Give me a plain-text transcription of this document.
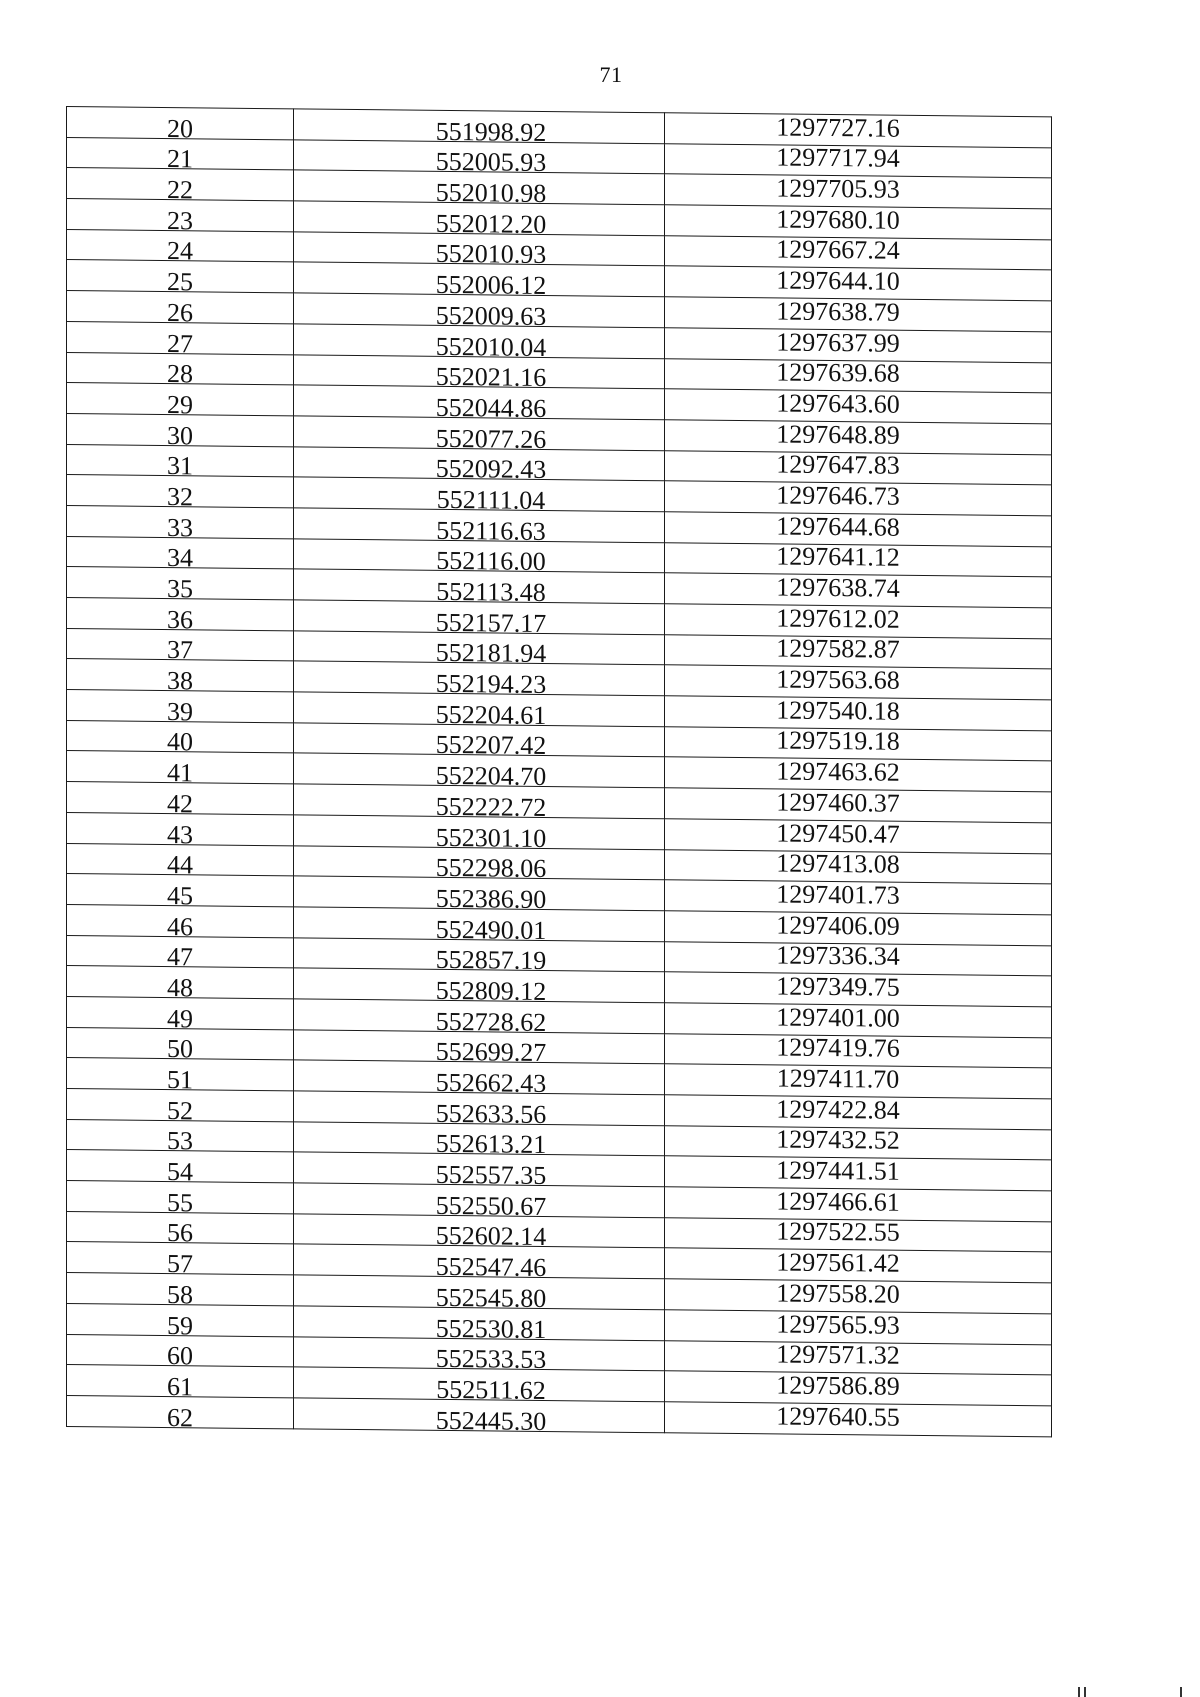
71
20	551998.92	1297727.16
21	552005.93	1297717.94
22	552010.98	1297705.93
23	552012.20	1297680.10
24	552010.93	1297667.24
25	552006.12	1297644.10
26	552009.63	1297638.79
27	552010.04	1297637.99
28	552021.16	1297639.68
29	552044.86	1297643.60
30	552077.26	1297648.89
31	552092.43	1297647.83
32	552111.04	1297646.73
33	552116.63	1297644.68
34	552116.00	1297641.12
35	552113.48	1297638.74
36	552157.17	1297612.02
37	552181.94	1297582.87
38	552194.23	1297563.68
39	552204.61	1297540.18
40	552207.42	1297519.18
41	552204.70	1297463.62
42	552222.72	1297460.37
43	552301.10	1297450.47
44	552298.06	1297413.08
45	552386.90	1297401.73
46	552490.01	1297406.09
47	552857.19	1297336.34
48	552809.12	1297349.75
49	552728.62	1297401.00
50	552699.27	1297419.76
51	552662.43	1297411.70
52	552633.56	1297422.84
53	552613.21	1297432.52
54	552557.35	1297441.51
55	552550.67	1297466.61
56	552602.14	1297522.55
57	552547.46	1297561.42
58	552545.80	1297558.20
59	552530.81	1297565.93
60	552533.53	1297571.32
61	552511.62	1297586.89
62	552445.30	1297640.55
